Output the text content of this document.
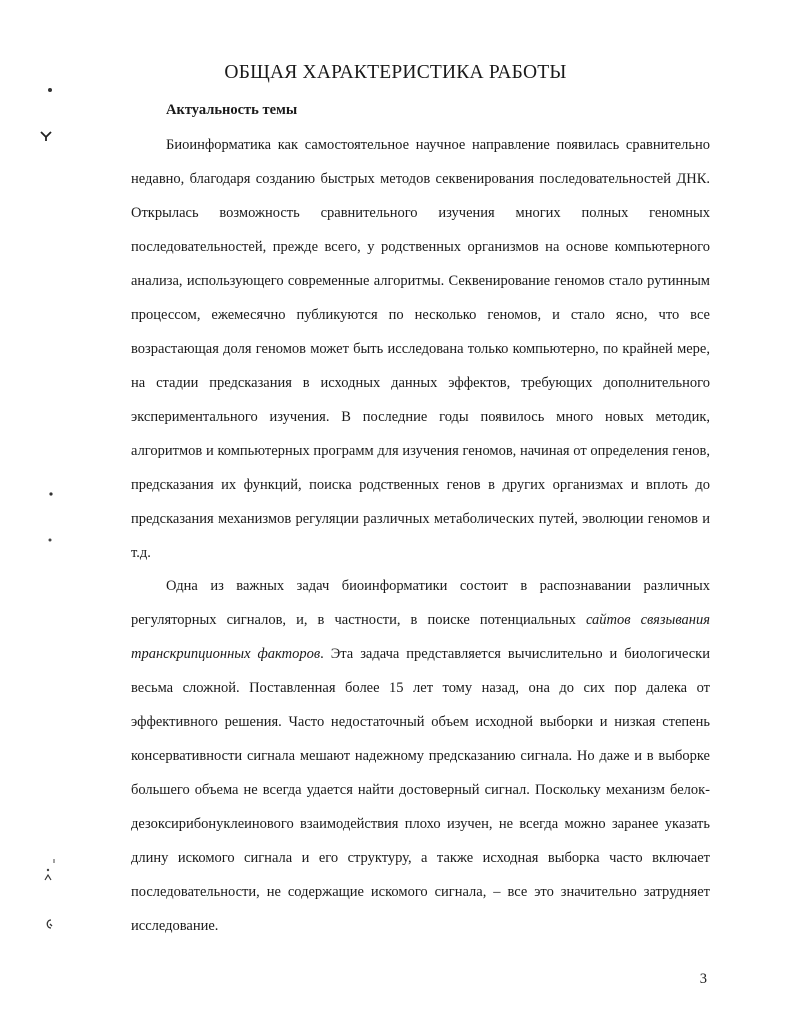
ОБЩАЯ ХАРАКТЕРИСТИКА РАБОТЫ
Актуальность темы

Биоинформатика как самостоятельное научное направление появилась сравнительно недавно, благодаря созданию быстрых методов секвенирования последовательностей ДНК. Открылась возможность сравнительного изучения многих полных геномных последовательностей, прежде всего, у родственных организмов на основе компьютерного анализа, использующего современные алгоритмы. Секвенирование геномов стало рутинным процессом, ежемесячно публикуются по несколько геномов, и стало ясно, что все возрастающая доля геномов может быть исследована только компьютерно, по крайней мере, на стадии предсказания в исходных данных эффектов, требующих дополнительного экспериментального изучения. В последние годы появилось много новых методик, алгоритмов и компьютерных программ для изучения геномов, начиная от определения генов, предсказания их функций, поиска родственных генов в других организмах и вплоть до предсказания механизмов регуляции различных метаболических путей, эволюции геномов и т.д.

Одна из важных задач биоинформатики состоит в распознавании различных регуляторных сигналов, и, в частности, в поиске потенциальных сайтов связывания транскрипционных факторов. Эта задача представляется вычислительно и биологически весьма сложной. Поставленная более 15 лет тому назад, она до сих пор далека от эффективного решения. Часто недостаточный объем исходной выборки и низкая степень консервативности сигнала мешают надежному предсказанию сигнала. Но даже и в выборке большего объема не всегда удается найти достоверный сигнал. Поскольку механизм белок-дезоксирибонуклеинового взаимодействия плохо изучен, не всегда можно заранее указать длину искомого сигнала и его структуру, а также исходная выборка часто включает последовательности, не содержащие искомого сигнала, – все это значительно затрудняет исследование.

3
